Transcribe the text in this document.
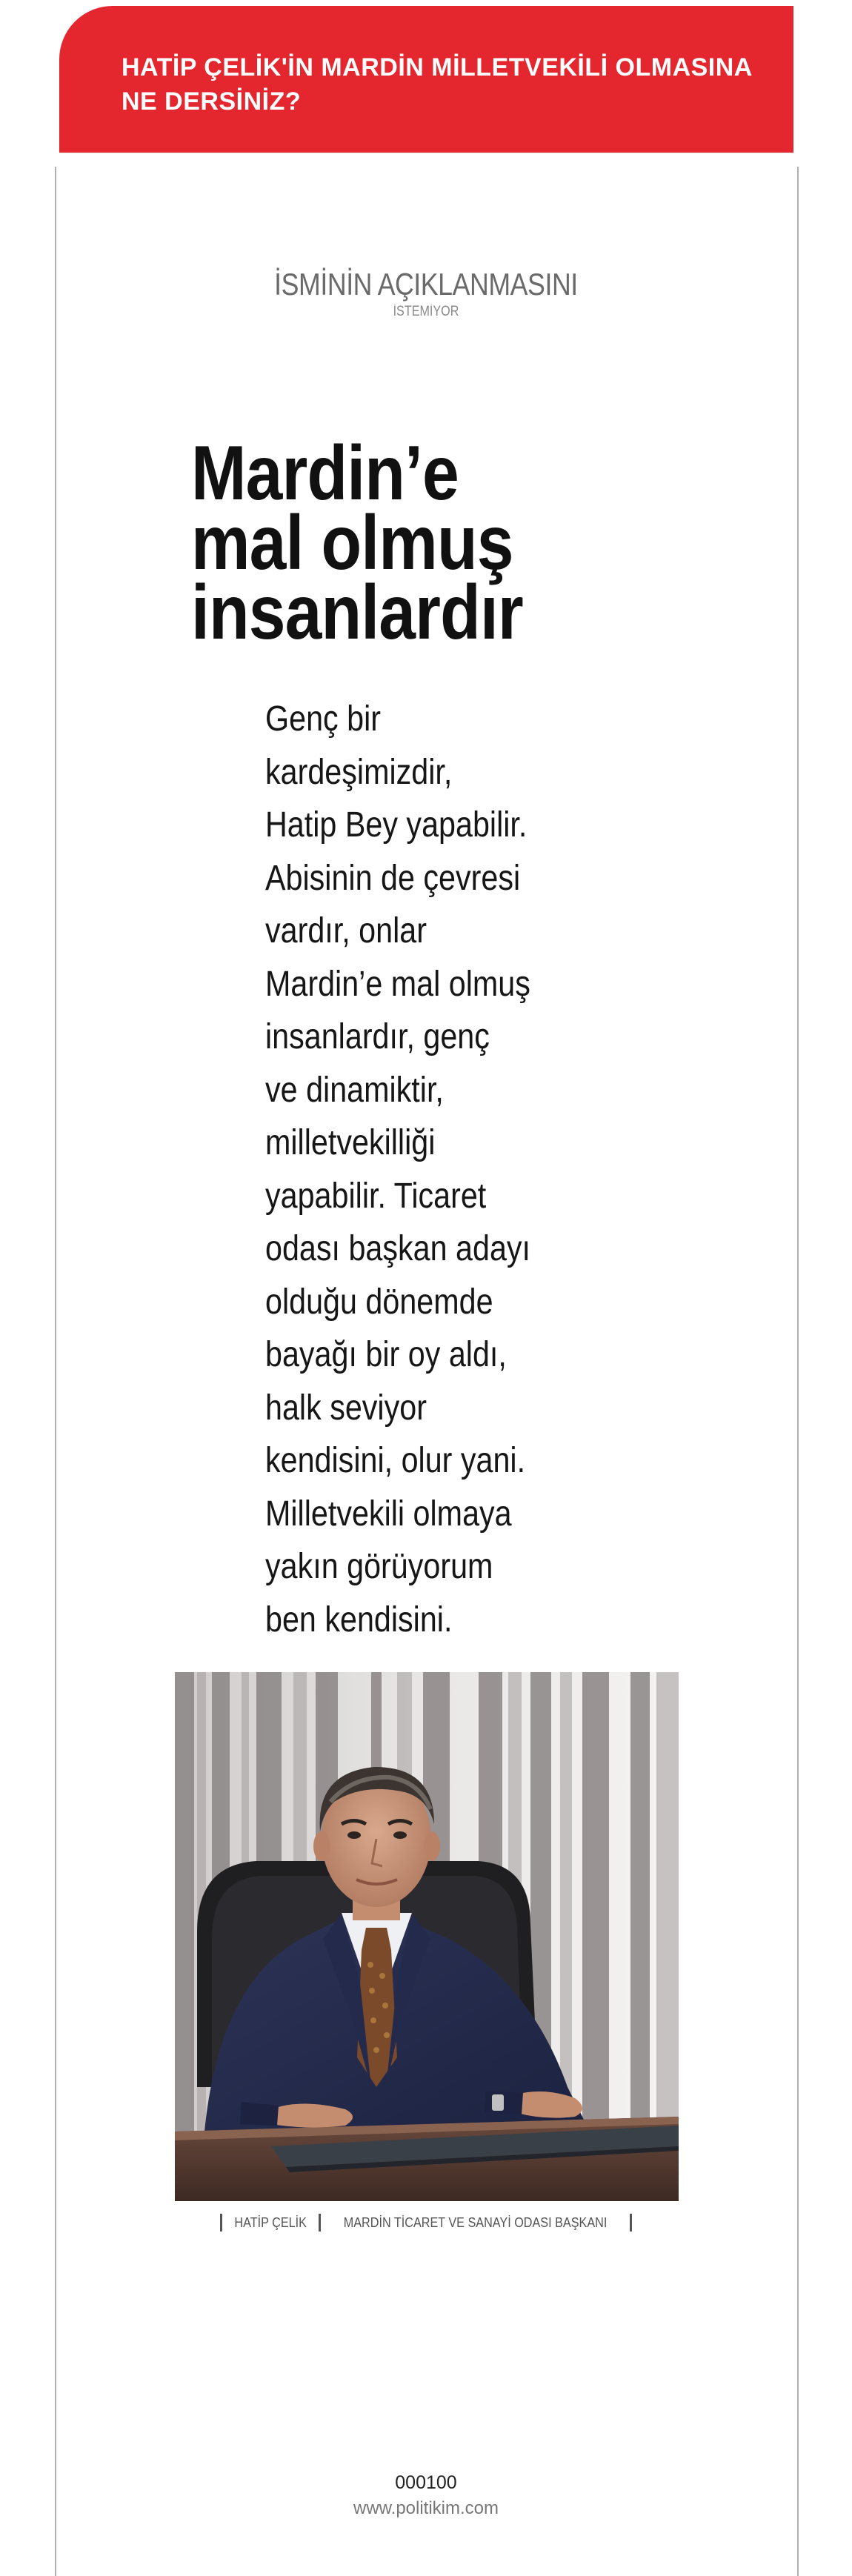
HATİP ÇELİK'İN MARDİN MİLLETVEKİLİ OLMASINA
NE DERSİNİZ?
İSMİNİN AÇIKLANMASINI
İSTEMİYOR
Mardin’e
mal olmuş
insanlardır
Genç bir
kardeşimizdir,
Hatip Bey yapabilir.
Abisinin de çevresi
vardır, onlar
Mardin’e mal olmuş
insanlardır, genç
ve dinamiktir,
milletvekilliği
yapabilir. Ticaret
odası başkan adayı
olduğu dönemde
bayağı bir oy aldı,
halk seviyor
kendisini, olur yani.
Milletvekili olmaya
yakın görüyorum
ben kendisini.
HATİP ÇELİK	MARDİN TİCARET VE SANAYİ ODASI BAŞKANI
000100
www.politikim.com
